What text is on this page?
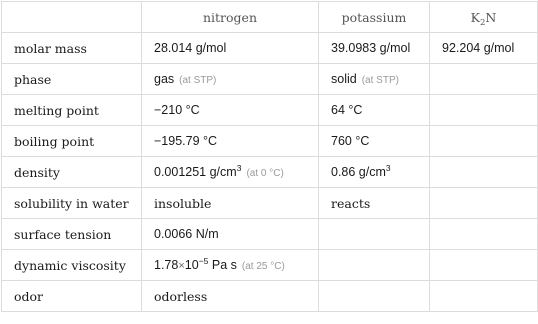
	nitrogen	potassium	$K_2N$
molar mass	28.014 g/mol	39.0983 g/mol	92.204 g/mol
phase	gas (at STP)	solid (at STP)	
melting point	−210 °C	64 °C	
boiling point	−195.79 °C	760 °C	
density	0.001251 $g/cm^3$ (at 0 °C)	0.86 $g/cm^3$	
solubility in water	insoluble	reacts	
surface tension	0.0066 N/m		
dynamic viscosity	$1.78\times 10^{-5}$ Pa s (at 25 °C)		
odor	odorless		
